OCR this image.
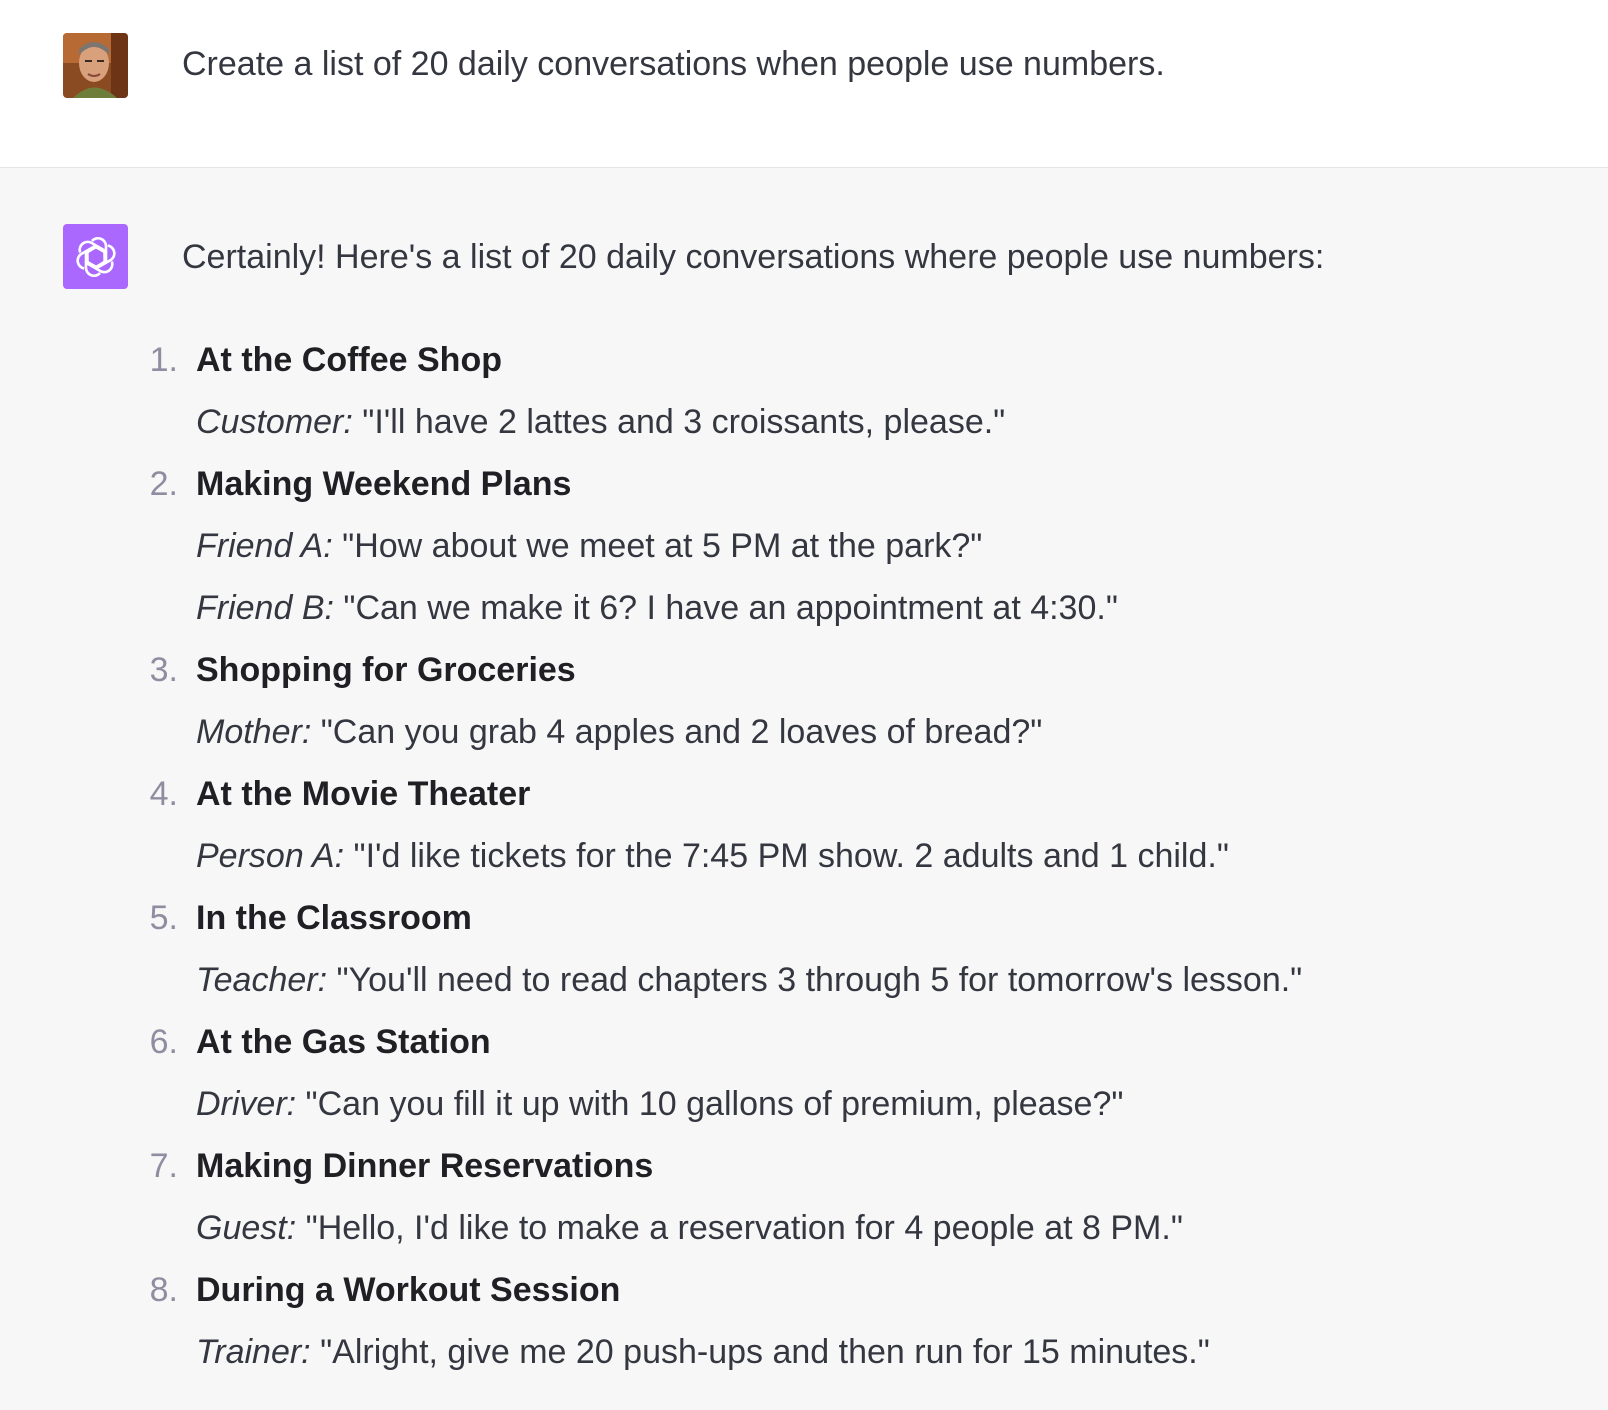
Create a list of 20 daily conversations when people use numbers.
Certainly! Here's a list of 20 daily conversations where people use numbers:
1. At the Coffee Shop
Customer: "I'll have 2 lattes and 3 croissants, please."
2. Making Weekend Plans
Friend A: "How about we meet at 5 PM at the park?"
Friend B: "Can we make it 6? I have an appointment at 4:30."
3. Shopping for Groceries
Mother: "Can you grab 4 apples and 2 loaves of bread?"
4. At the Movie Theater
Person A: "I'd like tickets for the 7:45 PM show. 2 adults and 1 child."
5. In the Classroom
Teacher: "You'll need to read chapters 3 through 5 for tomorrow's lesson."
6. At the Gas Station
Driver: "Can you fill it up with 10 gallons of premium, please?"
7. Making Dinner Reservations
Guest: "Hello, I'd like to make a reservation for 4 people at 8 PM."
8. During a Workout Session
Trainer: "Alright, give me 20 push-ups and then run for 15 minutes."
